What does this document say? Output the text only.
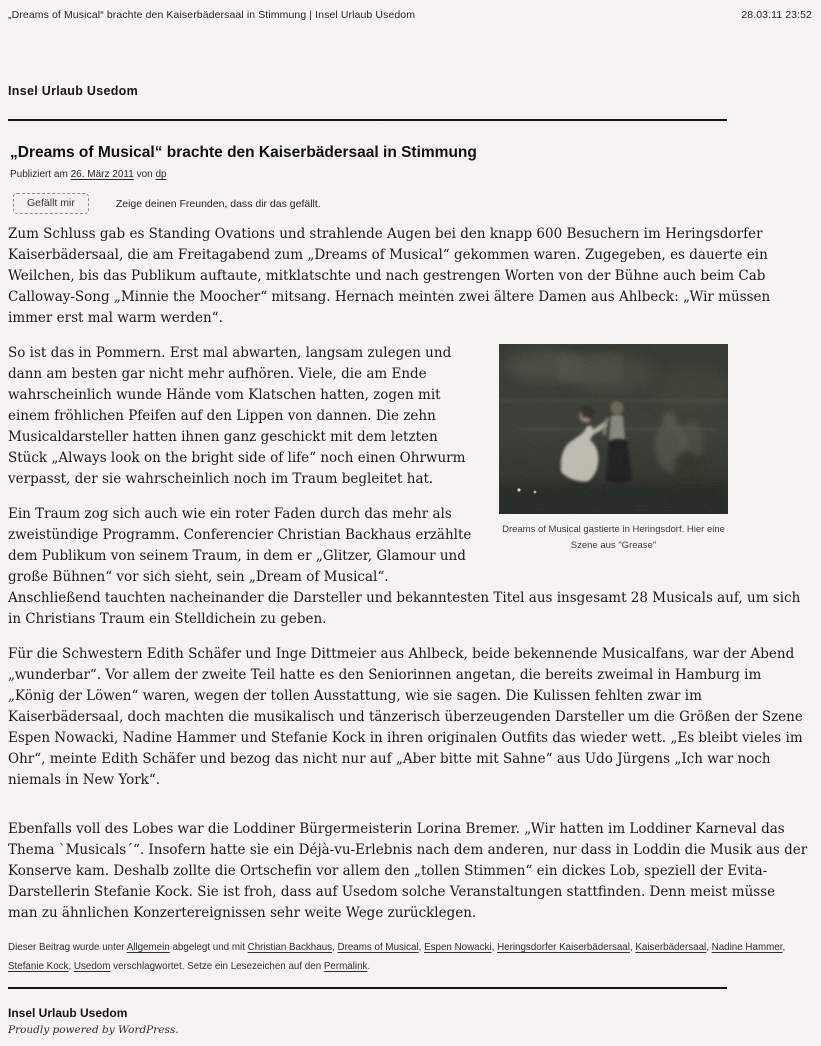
„Dreams of Musical“ brachte den Kaiserbädersaal in Stimmung | Insel Urlaub Usedom	28.03.11 23:52
Insel Urlaub Usedom
„Dreams of Musical“ brachte den Kaiserbädersaal in Stimmung
Publiziert am 26. März 2011 von dp
Gefällt mir	Zeige deinen Freunden, dass dir das gefällt.

Zum Schluss gab es Standing Ovations und strahlende Augen bei den knapp 600 Besuchern im Heringsdorfer Kaiserbädersaal, die am Freitagabend zum „Dreams of Musical“ gekommen waren. Zugegeben, es dauerte ein Weilchen, bis das Publikum auftaute, mitklatschte und nach gestrengen Worten von der Bühne auch beim Cab Calloway-Song „Minnie the Moocher“ mitsang. Hernach meinten zwei ältere Damen aus Ahlbeck: „Wir müssen immer erst mal warm werden“.

Dreams of Musical gastierte in Heringsdorf. Hier eine Szene aus "Grease"

So ist das in Pommern. Erst mal abwarten, langsam zulegen und dann am besten gar nicht mehr aufhören. Viele, die am Ende wahrscheinlich wunde Hände vom Klatschen hatten, zogen mit einem fröhlichen Pfeifen auf den Lippen von dannen. Die zehn Musicaldarsteller hatten ihnen ganz geschickt mit dem letzten Stück „Always look on the bright side of life“ noch einen Ohrwurm verpasst, der sie wahrscheinlich noch im Traum begleitet hat.

Ein Traum zog sich auch wie ein roter Faden durch das mehr als zweistündige Programm. Conferencier Christian Backhaus erzählte dem Publikum von seinem Traum, in dem er „Glitzer, Glamour und große Bühnen“ vor sich sieht, sein „Dream of Musical“. Anschließend tauchten nacheinander die Darsteller und bekanntesten Titel aus insgesamt 28 Musicals auf, um sich in Christians Traum ein Stelldichein zu geben.

Für die Schwestern Edith Schäfer und Inge Dittmeier aus Ahlbeck, beide bekennende Musicalfans, war der Abend „wunderbar“. Vor allem der zweite Teil hatte es den Seniorinnen angetan, die bereits zweimal in Hamburg im „König der Löwen“ waren, wegen der tollen Ausstattung, wie sie sagen. Die Kulissen fehlten zwar im Kaiserbädersaal, doch machten die musikalisch und tänzerisch überzeugenden Darsteller um die Größen der Szene Espen Nowacki, Nadine Hammer und Stefanie Kock in ihren originalen Outfits das wieder wett. „Es bleibt vieles im Ohr“, meinte Edith Schäfer und bezog das nicht nur auf „Aber bitte mit Sahne“ aus Udo Jürgens „Ich war noch niemals in New York“.

Ebenfalls voll des Lobes war die Loddiner Bürgermeisterin Lorina Bremer. „Wir hatten im Loddiner Karneval das Thema `Musicals´“. Insofern hatte sie ein Déjà-vu-Erlebnis nach dem anderen, nur dass in Loddin die Musik aus der Konserve kam. Deshalb zollte die Ortschefin vor allem den „tollen Stimmen“ ein dickes Lob, speziell der Evita-Darstellerin Stefanie Kock. Sie ist froh, dass auf Usedom solche Veranstaltungen stattfinden. Denn meist müsse man zu ähnlichen Konzertereignissen sehr weite Wege zurücklegen.

Dieser Beitrag wurde unter Allgemein abgelegt und mit Christian Backhaus, Dreams of Musical, Espen Nowacki, Heringsdorfer Kaiserbädersaal, Kaiserbädersaal, Nadine Hammer, Stefanie Kock, Usedom verschlagwortet. Setze ein Lesezeichen auf den Permalink.

Insel Urlaub Usedom
Proudly powered by WordPress.
